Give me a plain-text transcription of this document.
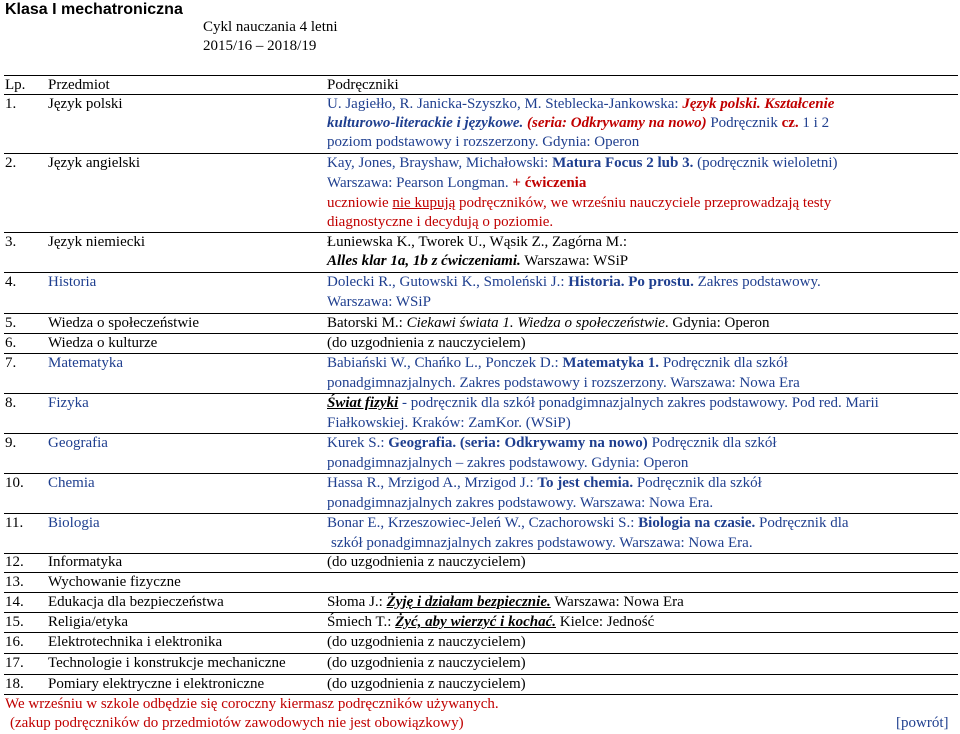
Klasa I mechatroniczna
Cykl nauczania 4 letni
2015/16 – 2018/19
Lp. Przedmiot	Podręczniki
1. Język polski	U. Jagiełło, R. Janicka-Szyszko, M. Steblecka-Jankowska: Język polski. Kształcenie
kulturowo-literackie i językowe. (seria: Odkrywamy na nowo) Podręcznik cz. 1 i 2
poziom podstawowy i rozszerzony. Gdynia: Operon
2. Język angielski	Kay, Jones, Brayshaw, Michałowski: Matura Focus 2 lub 3. (podręcznik wieloletni)
Warszawa: Pearson Longman. + ćwiczenia
uczniowie nie kupują podręczników, we wrześniu nauczyciele przeprowadzają testy
diagnostyczne i decydują o poziomie.
3. Język niemiecki	Łuniewska K., Tworek U., Wąsik Z., Zagórna M.:
Alles klar 1a, 1b z ćwiczeniami. Warszawa: WSiP
4. Historia	Dolecki R., Gutowski K., Smoleński J.: Historia. Po prostu. Zakres podstawowy.
Warszawa: WSiP
5. Wiedza o społeczeństwie	Batorski M.: Ciekawi świata 1. Wiedza o społeczeństwie. Gdynia: Operon
6. Wiedza o kulturze	(do uzgodnienia z nauczycielem)
7. Matematyka	Babiański W., Chańko L., Ponczek D.: Matematyka 1. Podręcznik dla szkół
ponadgimnazjalnych. Zakres podstawowy i rozszerzony. Warszawa: Nowa Era
8. Fizyka	Świat fizyki - podręcznik dla szkół ponadgimnazjalnych zakres podstawowy. Pod red. Marii
Fiałkowskiej. Kraków: ZamKor. (WSiP)
9. Geografia	Kurek S.: Geografia. (seria: Odkrywamy na nowo) Podręcznik dla szkół
ponadgimnazjalnych – zakres podstawowy. Gdynia: Operon
10. Chemia	Hassa R., Mrzigod A., Mrzigod J.: To jest chemia. Podręcznik dla szkół
ponadgimnazjalnych zakres podstawowy. Warszawa: Nowa Era.
11. Biologia	Bonar E., Krzeszowiec-Jeleń W., Czachorowski S.: Biologia na czasie. Podręcznik dla
szkół ponadgimnazjalnych zakres podstawowy. Warszawa: Nowa Era.
12. Informatyka	(do uzgodnienia z nauczycielem)
13. Wychowanie fizyczne
14. Edukacja dla bezpieczeństwa	Słoma J.: Żyję i działam bezpiecznie. Warszawa: Nowa Era
15. Religia/etyka	Śmiech T.: Żyć, aby wierzyć i kochać. Kielce: Jedność
16. Elektrotechnika i elektronika	(do uzgodnienia z nauczycielem)
17. Technologie i konstrukcje mechaniczne	(do uzgodnienia z nauczycielem)
18. Pomiary elektryczne i elektroniczne	(do uzgodnienia z nauczycielem)
We wrześniu w szkole odbędzie się coroczny kiermasz podręczników używanych.
(zakup podręczników do przedmiotów zawodowych nie jest obowiązkowy)	[powrót]
